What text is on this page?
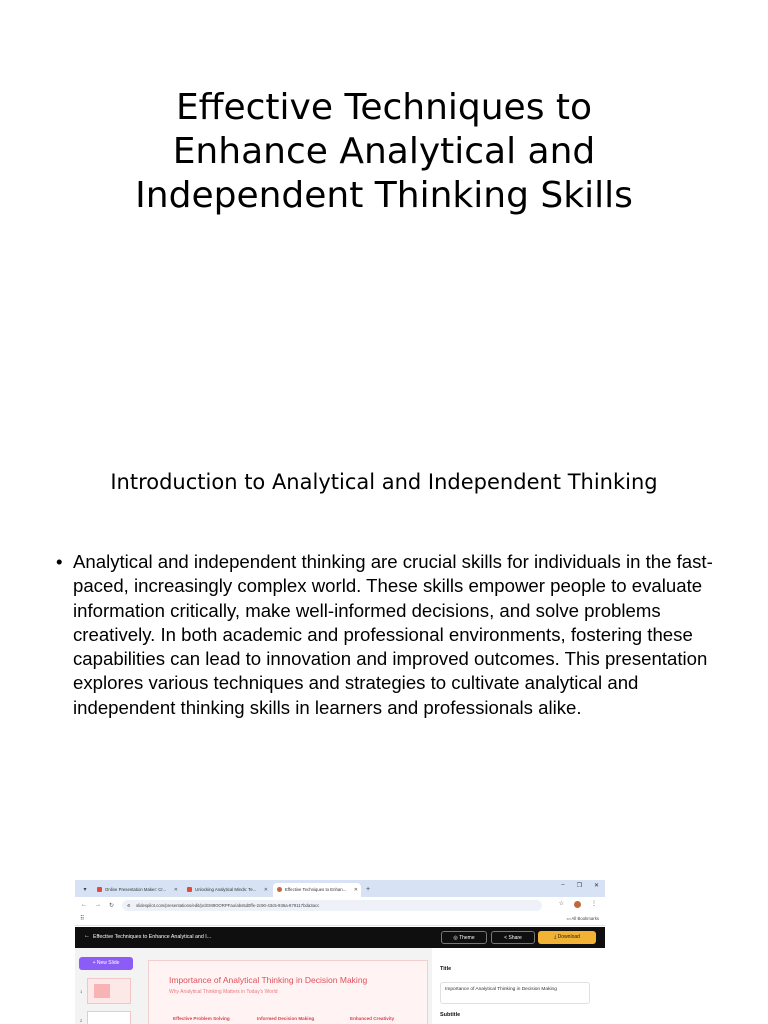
Effective Techniques to
Enhance Analytical and
Independent Thinking Skills
Introduction to Analytical and Independent Thinking
• Analytical and independent thinking are crucial skills for individuals in the fast-paced, increasingly complex world. These skills empower people to evaluate information critically, make well-informed decisions, and solve problems creatively. In both academic and professional environments, fostering these capabilities can lead to innovation and improved outcomes. This presentation explores various techniques and strategies to cultivate analytical and independent thinking skills in learners and professionals alike.
▾	Online Presentation Maker: Cr... ✕	Unlocking Analytical Minds: Te... ✕	Effective Techniques to Enhan... ✕	+
– ❐ ✕
← → ↻	⚙ slidespilot.com/presentations/edit/pc/EM9OORPFao/abs5d0ffe-2c90-43c5-936a-879117bda3acc	☆	⋮
⠿	▭ All Bookmarks
← Effective Techniques to Enhance Analytical and I...	◎ Theme	< Share	⤓ Download
+ New Slide
1
2
Importance of Analytical Thinking in Decision Making
Why Analytical Thinking Matters in Today's World
Effective Problem Solving	Informed Decision Making	Enhanced Creativity
Title
Importance of Analytical Thinking in Decision Making
Subtitle
